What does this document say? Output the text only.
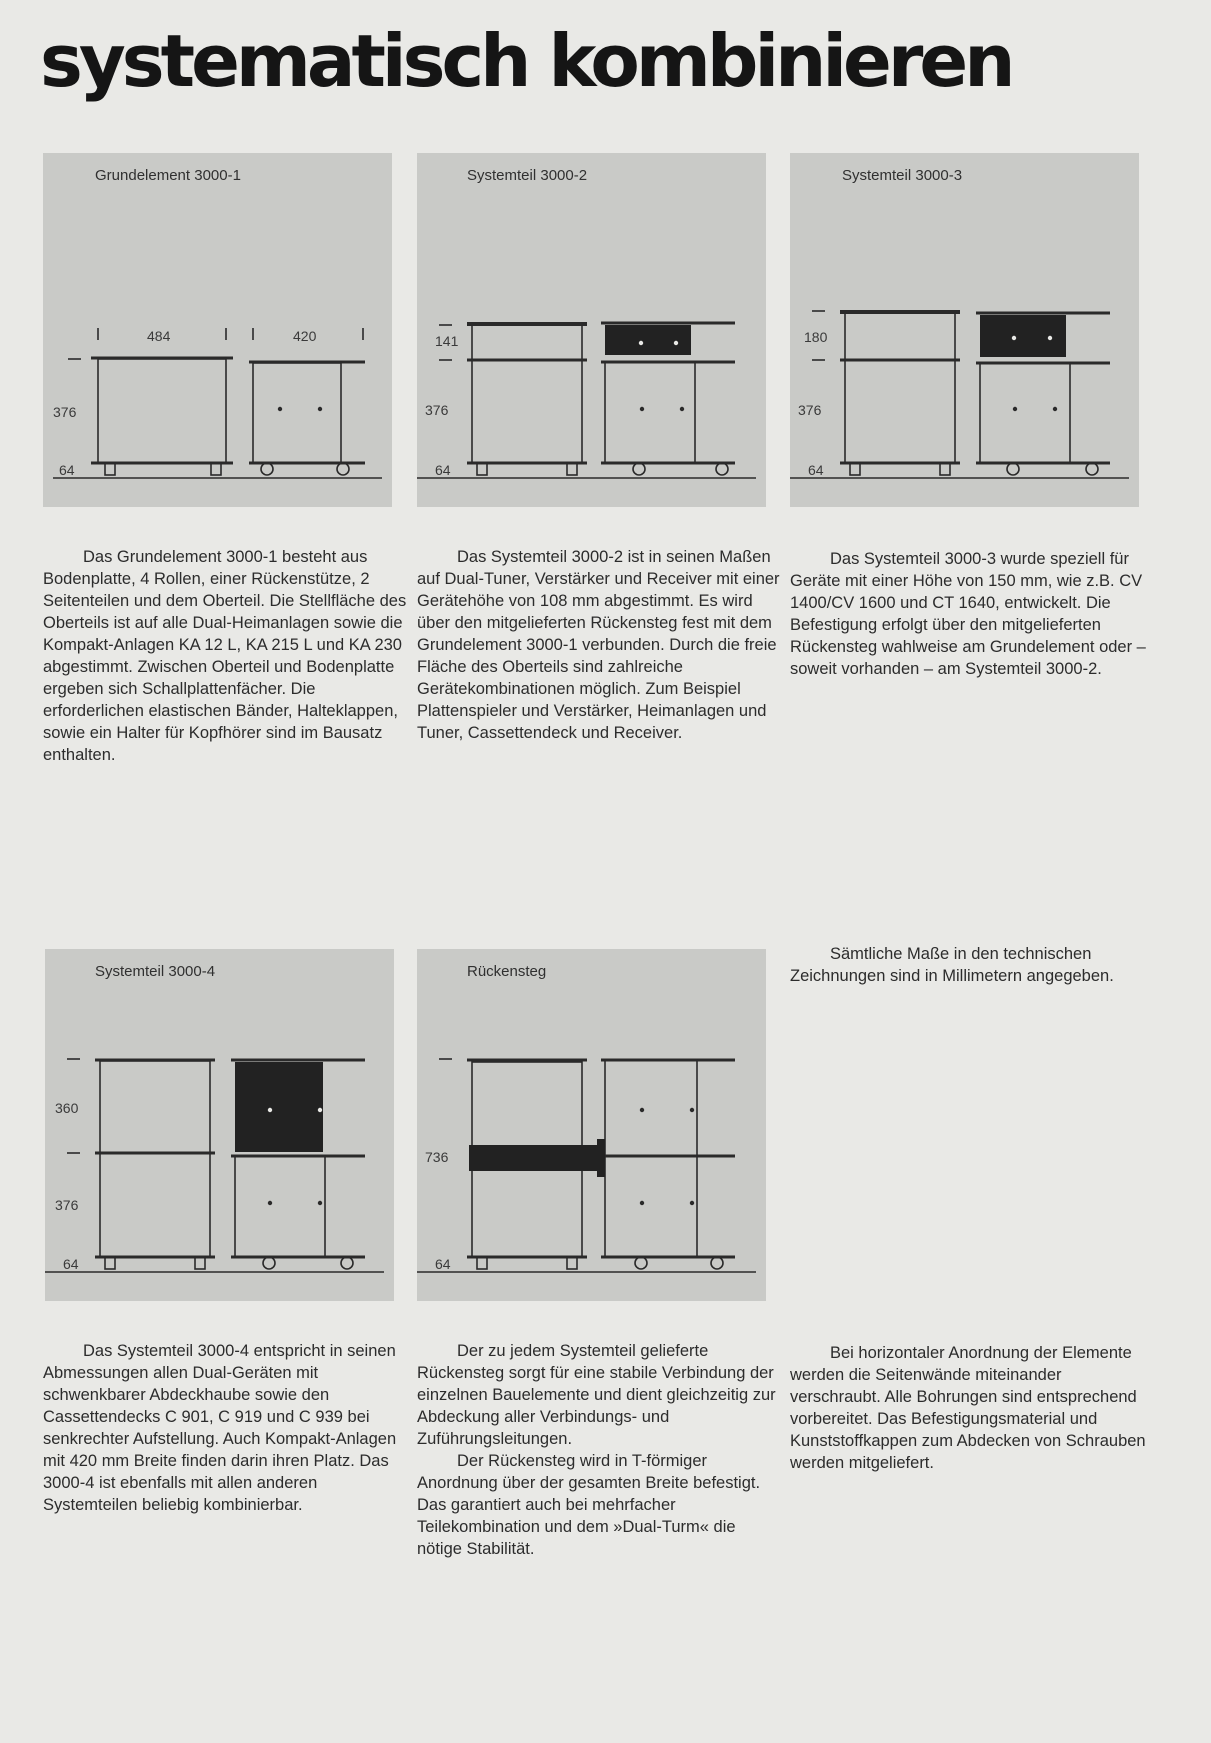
systematisch kombinieren
Grundelement 3000-1
484	420
376
64
Systemteil 3000-2
141
376
64
Systemteil 3000-3
180
376
64

Das Grundelement 3000-1 besteht aus Bodenplatte, 4 Rollen, einer Rückenstütze, 2 Seitenteilen und dem Oberteil. Die Stellfläche des Oberteils ist auf alle Dual-Heimanlagen sowie die Kompakt-Anlagen KA 12 L, KA 215 L und KA 230 abgestimmt. Zwischen Oberteil und Bodenplatte ergeben sich Schallplattenfächer. Die erforderlichen elastischen Bänder, Halteklappen, sowie ein Halter für Kopfhörer sind im Bausatz enthalten.

Das Systemteil 3000-2 ist in seinen Maßen auf Dual-Tuner, Verstärker und Receiver mit einer Gerätehöhe von 108 mm abgestimmt. Es wird über den mitgelieferten Rückensteg fest mit dem Grundelement 3000-1 verbunden. Durch die freie Fläche des Oberteils sind zahlreiche Gerätekombinationen möglich. Zum Beispiel Plattenspieler und Verstärker, Heimanlagen und Tuner, Cassettendeck und Receiver.

Das Systemteil 3000-3 wurde speziell für Geräte mit einer Höhe von 150 mm, wie z.B. CV 1400/CV 1600 und CT 1640, entwickelt. Die Befestigung erfolgt über den mitgelieferten Rückensteg wahlweise am Grundelement oder – soweit vorhanden – am Systemteil 3000-2.

Systemteil 3000-4
360
376
64
Rückensteg
736
64

Sämtliche Maße in den technischen Zeichnungen sind in Millimetern angegeben.

Das Systemteil 3000-4 entspricht in seinen Abmessungen allen Dual-Geräten mit schwenkbarer Abdeckhaube sowie den Cassettendecks C 901, C 919 und C 939 bei senkrechter Aufstellung. Auch Kompakt-Anlagen mit 420 mm Breite finden darin ihren Platz. Das 3000-4 ist ebenfalls mit allen anderen Systemteilen beliebig kombinierbar.

Der zu jedem Systemteil gelieferte Rückensteg sorgt für eine stabile Verbindung der einzelnen Bauelemente und dient gleichzeitig zur Abdeckung aller Verbindungs- und Zuführungsleitungen.

Der Rückensteg wird in T-förmiger Anordnung über der gesamten Breite befestigt. Das garantiert auch bei mehrfacher Teilekombination und dem »Dual-Turm« die nötige Stabilität.

Bei horizontaler Anordnung der Elemente werden die Seitenwände miteinander verschraubt. Alle Bohrungen sind entsprechend vorbereitet. Das Befestigungsmaterial und Kunststoffkappen zum Abdecken von Schrauben werden mitgeliefert.
